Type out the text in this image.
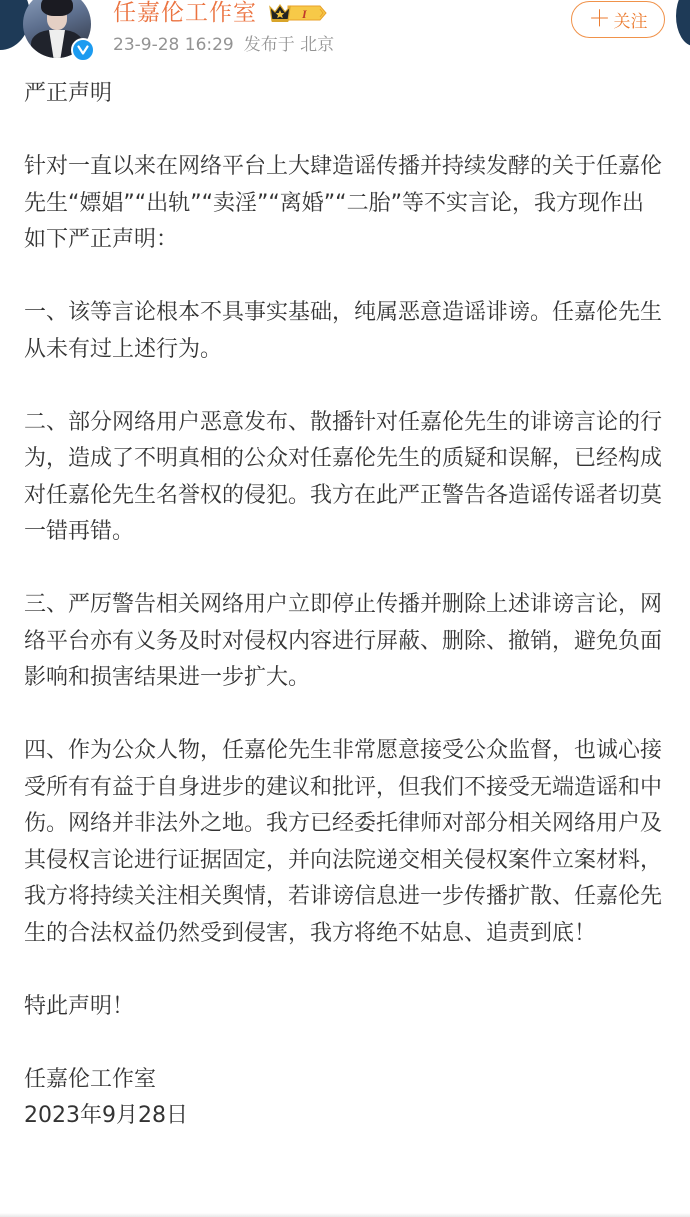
任嘉伦工作室	I
23-9-28 16:29 发布于 北京
＋ 关注

严正声明

针对一直以来在网络平台上大肆造谣传播并持续发酵的关于任嘉伦先生“嫖娼”“出轨”“卖淫”“离婚”“二胎”等不实言论，我方现作出如下严正声明：

一、该等言论根本不具事实基础，纯属恶意造谣诽谤。任嘉伦先生从未有过上述行为。

二、部分网络用户恶意发布、散播针对任嘉伦先生的诽谤言论的行为，造成了不明真相的公众对任嘉伦先生的质疑和误解，已经构成对任嘉伦先生名誉权的侵犯。我方在此严正警告各造谣传谣者切莫一错再错。

三、严厉警告相关网络用户立即停止传播并删除上述诽谤言论，网络平台亦有义务及时对侵权内容进行屏蔽、删除、撤销，避免负面影响和损害结果进一步扩大。

四、作为公众人物，任嘉伦先生非常愿意接受公众监督，也诚心接受所有有益于自身进步的建议和批评，但我们不接受无端造谣和中伤。网络并非法外之地。我方已经委托律师对部分相关网络用户及其侵权言论进行证据固定，并向法院递交相关侵权案件立案材料，我方将持续关注相关舆情，若诽谤信息进一步传播扩散、任嘉伦先生的合法权益仍然受到侵害，我方将绝不姑息、追责到底！

特此声明！

任嘉伦工作室

2023年9月28日
